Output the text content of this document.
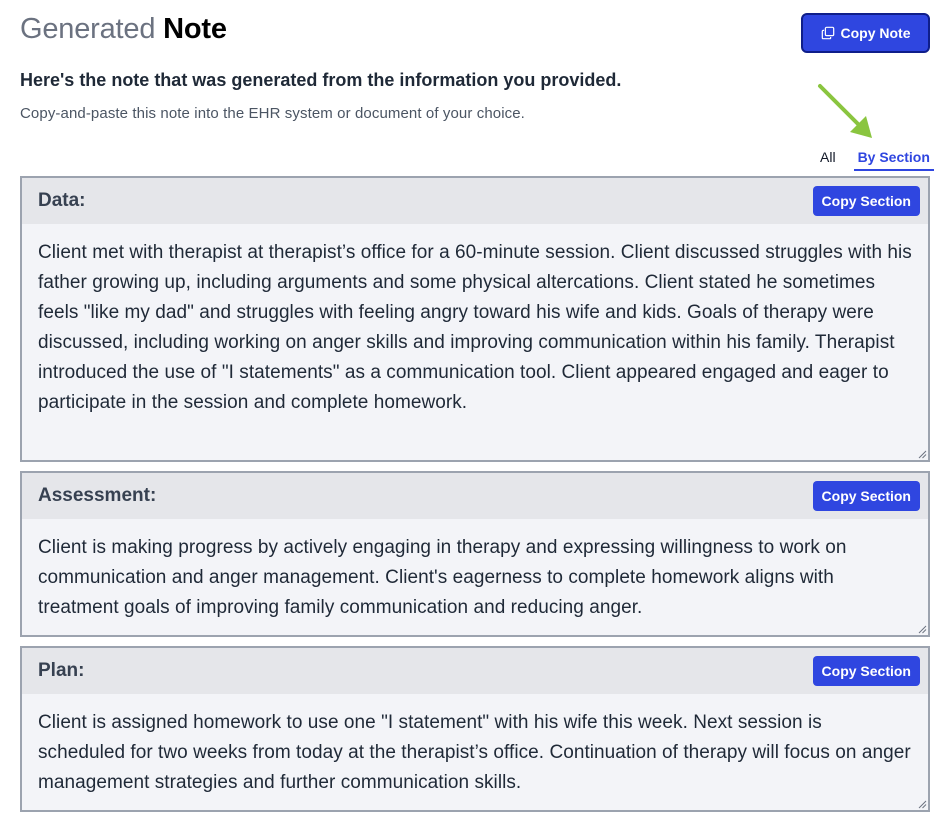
Generated Note	Copy Note
Here's the note that was generated from the information you provided.
Copy-and-paste this note into the EHR system or document of your choice.
All By Section
Data:	Copy Section
Client met with therapist at therapist’s office for a 60-minute session. Client discussed struggles with his father growing up, including arguments and some physical altercations. Client stated he sometimes feels "like my dad" and struggles with feeling angry toward his wife and kids. Goals of therapy were discussed, including working on anger skills and improving communication within his family. Therapist introduced the use of "I statements" as a communication tool. Client appeared engaged and eager to participate in the session and complete homework.
Assessment:	Copy Section
Client is making progress by actively engaging in therapy and expressing willingness to work on communication and anger management. Client's eagerness to complete homework aligns with treatment goals of improving family communication and reducing anger.
Plan:	Copy Section
Client is assigned homework to use one "I statement" with his wife this week. Next session is scheduled for two weeks from today at the therapist’s office. Continuation of therapy will focus on anger management strategies and further communication skills.
